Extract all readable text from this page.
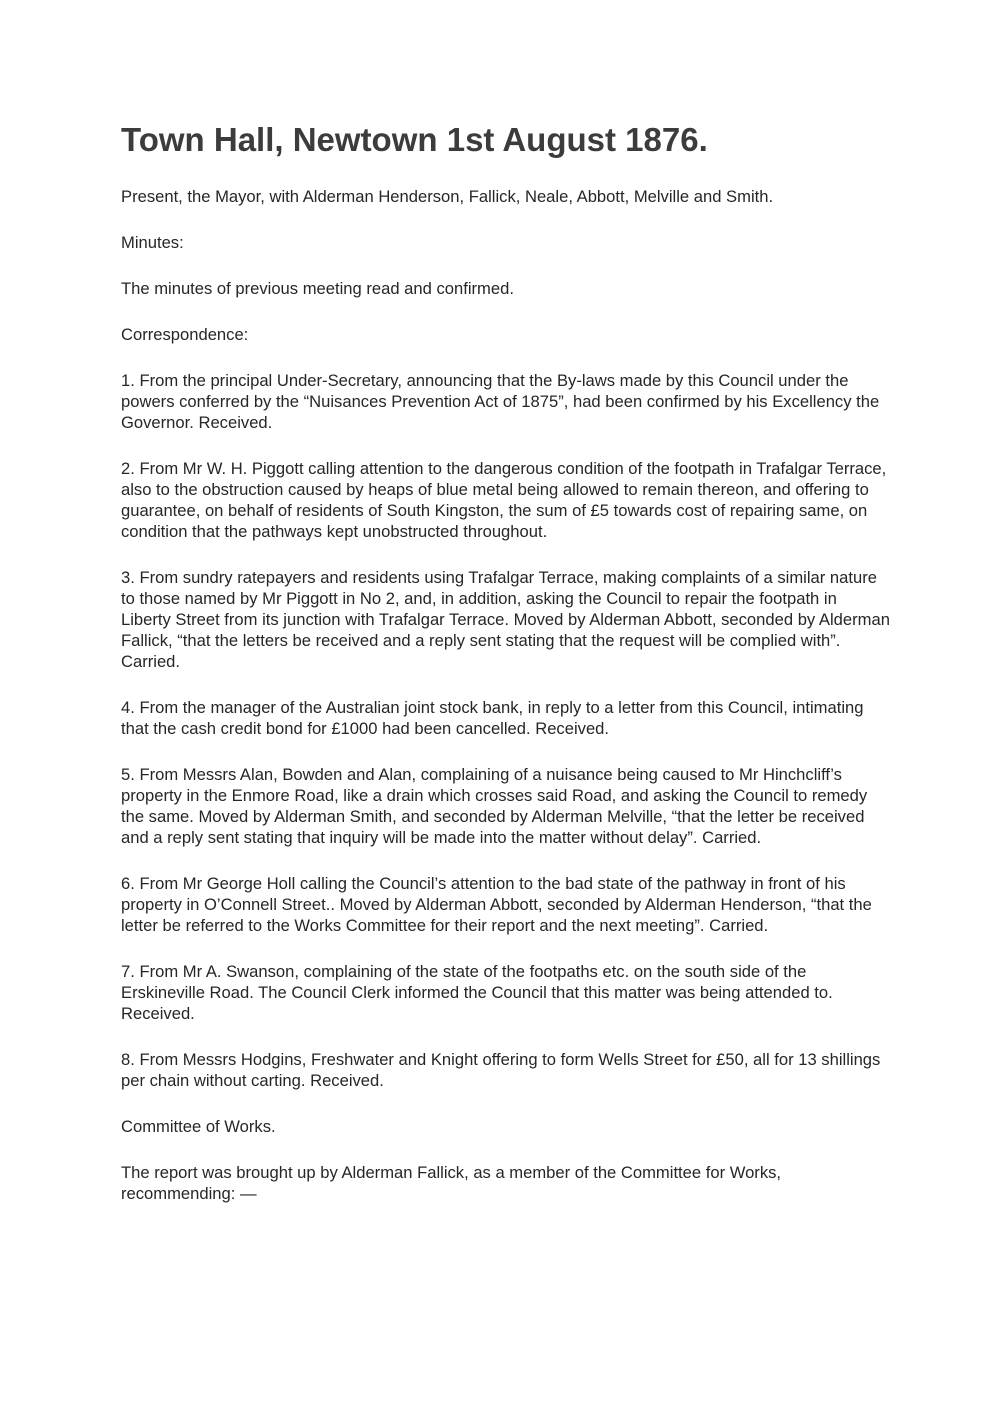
Town Hall, Newtown 1st August 1876.

Present, the Mayor, with Alderman Henderson, Fallick, Neale, Abbott, Melville and Smith.

Minutes:

The minutes of previous meeting read and confirmed.

Correspondence:

1. From the principal Under-Secretary, announcing that the By-laws made by this Council under the powers conferred by the “Nuisances Prevention Act of 1875”, had been confirmed by his Excellency the Governor. Received.

2. From Mr W. H. Piggott calling attention to the dangerous condition of the footpath in Trafalgar Terrace, also to the obstruction caused by heaps of blue metal being allowed to remain thereon, and offering to guarantee, on behalf of residents of South Kingston, the sum of £5 towards cost of repairing same, on condition that the pathways kept unobstructed throughout.

3. From sundry ratepayers and residents using Trafalgar Terrace, making complaints of a similar nature to those named by Mr Piggott in No 2, and, in addition, asking the Council to repair the footpath in Liberty Street from its junction with Trafalgar Terrace. Moved by Alderman Abbott, seconded by Alderman Fallick, “that the letters be received and a reply sent stating that the request will be complied with”. Carried.

4. From the manager of the Australian joint stock bank, in reply to a letter from this Council, intimating that the cash credit bond for £1000 had been cancelled. Received.

5. From Messrs Alan, Bowden and Alan, complaining of a nuisance being caused to Mr Hinchcliff’s property in the Enmore Road, like a drain which crosses said Road, and asking the Council to remedy the same. Moved by Alderman Smith, and seconded by Alderman Melville, “that the letter be received and a reply sent stating that inquiry will be made into the matter without delay”. Carried.

6. From Mr George Holl calling the Council’s attention to the bad state of the pathway in front of his property in O’Connell Street.. Moved by Alderman Abbott, seconded by Alderman Henderson, “that the letter be referred to the Works Committee for their report and the next meeting”. Carried.

7. From Mr A. Swanson, complaining of the state of the footpaths etc. on the south side of the Erskineville Road. The Council Clerk informed the Council that this matter was being attended to. Received.

8. From Messrs Hodgins, Freshwater and Knight offering to form Wells Street for £50, all for 13 shillings per chain without carting. Received.

Committee of Works.

The report was brought up by Alderman Fallick, as a member of the Committee for Works, recommending: —
